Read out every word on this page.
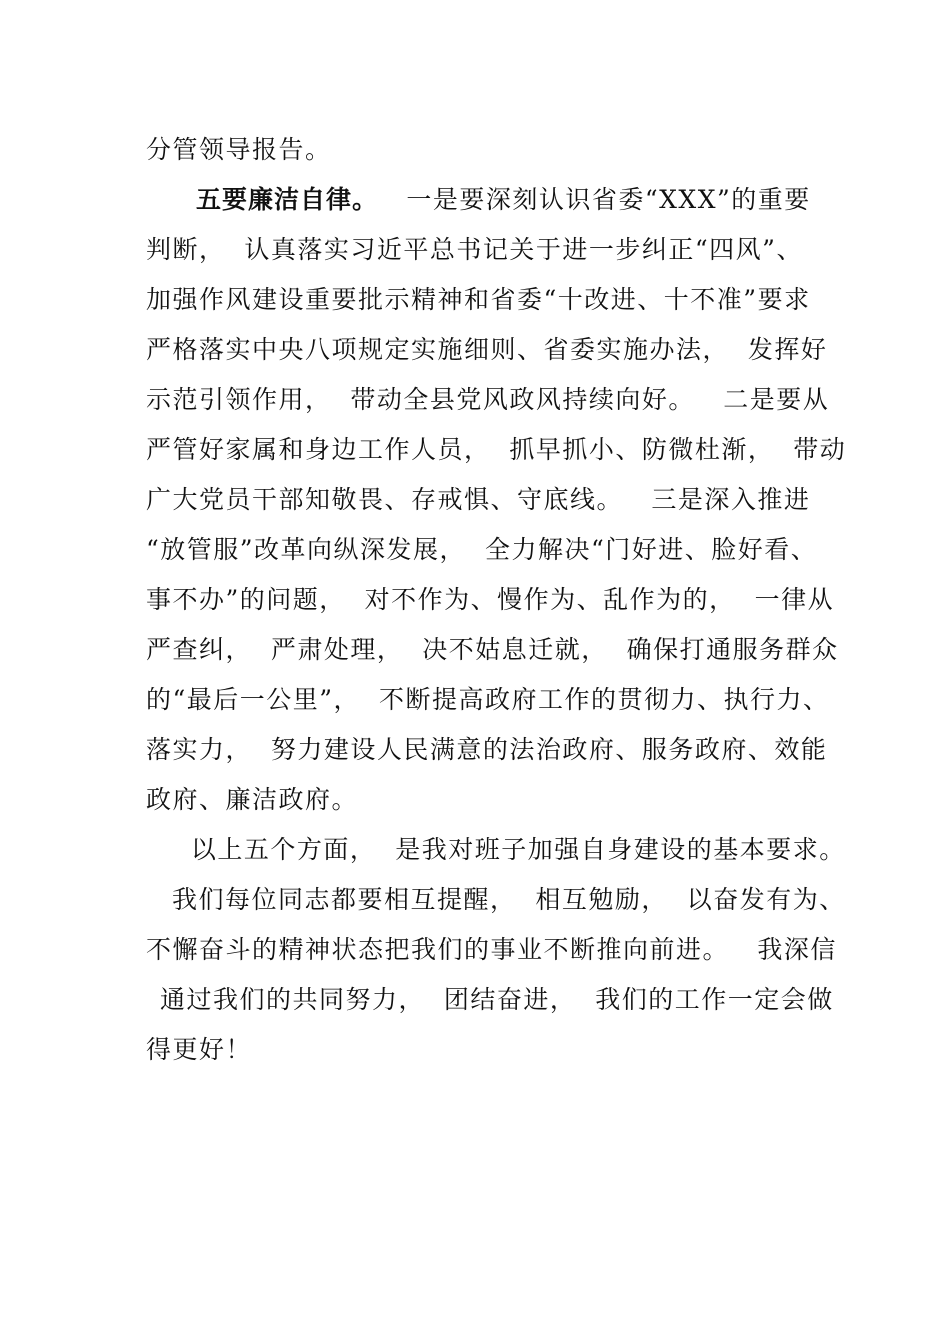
分管领导报告。
五要廉洁自律。   一是要深刻认识省委“XXX”的重要
判断，  认真落实习近平总书记关于进一步纠正“四风”、
加强作风建设重要批示精神和省委“十改进、十不准”要求
严格落实中央八项规定实施细则、省委实施办法，  发挥好
示范引领作用，  带动全县党风政风持续向好。   二是要从
严管好家属和身边工作人员，  抓早抓小、防微杜渐，  带动
广大党员干部知敬畏、存戒惧、守底线。   三是深入推进
“放管服”改革向纵深发展，  全力解决“门好进、脸好看、
事不办”的问题，  对不作为、慢作为、乱作为的，  一律从
严查纠，  严肃处理，  决不姑息迁就，  确保打通服务群众
的“最后一公里”，  不断提高政府工作的贯彻力、执行力、
落实力，  努力建设人民满意的法治政府、服务政府、效能
政府、廉洁政府。
以上五个方面，  是我对班子加强自身建设的基本要求。
我们每位同志都要相互提醒，  相互勉励，  以奋发有为、
不懈奋斗的精神状态把我们的事业不断推向前进。   我深信
通过我们的共同努力，  团结奋进，  我们的工作一定会做
得更好！
